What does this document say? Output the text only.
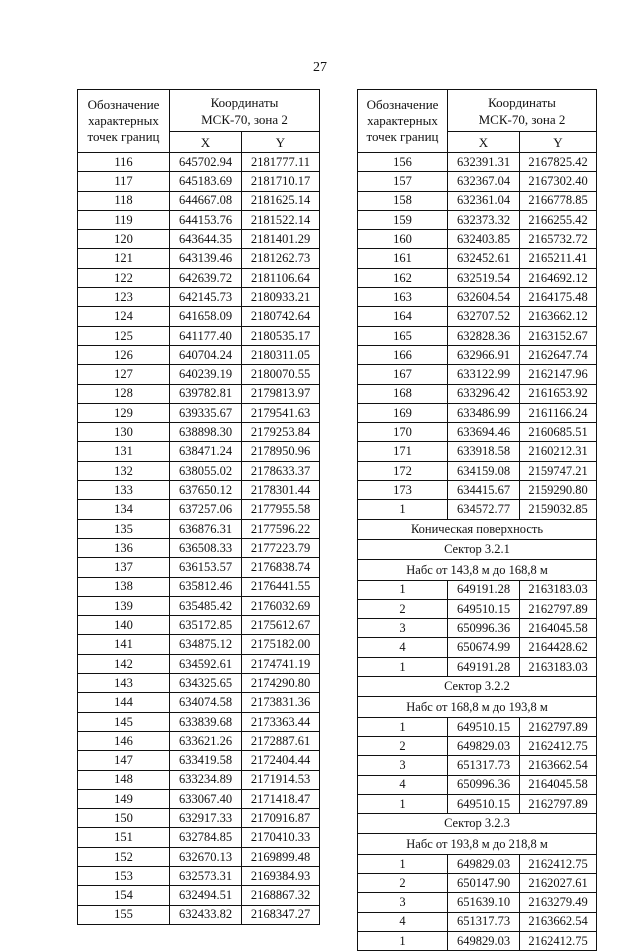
27
Обозначение
характерных
точек границ	Координаты
МСК-70, зона 2	
	X	Y
116	645702.94	2181777.11
117	645183.69	2181710.17
118	644667.08	2181625.14
119	644153.76	2181522.14
120	643644.35	2181401.29
121	643139.46	2181262.73
122	642639.72	2181106.64
123	642145.73	2180933.21
124	641658.09	2180742.64
125	641177.40	2180535.17
126	640704.24	2180311.05
127	640239.19	2180070.55
128	639782.81	2179813.97
129	639335.67	2179541.63
130	638898.30	2179253.84
131	638471.24	2178950.96
132	638055.02	2178633.37
133	637650.12	2178301.44
134	637257.06	2177955.58
135	636876.31	2177596.22
136	636508.33	2177223.79
137	636153.57	2176838.74
138	635812.46	2176441.55
139	635485.42	2176032.69
140	635172.85	2175612.67
141	634875.12	2175182.00
142	634592.61	2174741.19
143	634325.65	2174290.80
144	634074.58	2173831.36
145	633839.68	2173363.44
146	633621.26	2172887.61
147	633419.58	2172404.44
148	633234.89	2171914.53
149	633067.40	2171418.47
150	632917.33	2170916.87
151	632784.85	2170410.33
152	632670.13	2169899.48
153	632573.31	2169384.93
154	632494.51	2168867.32
155	632433.82	2168347.27
Обозначение
характерных
точек границ	Координаты
МСК-70, зона 2	
	X	Y
156	632391.31	2167825.42
157	632367.04	2167302.40
158	632361.04	2166778.85
159	632373.32	2166255.42
160	632403.85	2165732.72
161	632452.61	2165211.41
162	632519.54	2164692.12
163	632604.54	2164175.48
164	632707.52	2163662.12
165	632828.36	2163152.67
166	632966.91	2162647.74
167	633122.99	2162147.96
168	633296.42	2161653.92
169	633486.99	2161166.24
170	633694.46	2160685.51
171	633918.58	2160212.31
172	634159.08	2159747.21
173	634415.67	2159290.80
1	634572.77	2159032.85
Коническая поверхность		
Сектор 3.2.1		
Набс от 143,8 м до 168,8 м		
1	649191.28	2163183.03
2	649510.15	2162797.89
3	650996.36	2164045.58
4	650674.99	2164428.62
1	649191.28	2163183.03
Сектор 3.2.2		
Набс от 168,8 м до 193,8 м		
1	649510.15	2162797.89
2	649829.03	2162412.75
3	651317.73	2163662.54
4	650996.36	2164045.58
1	649510.15	2162797.89
Сектор 3.2.3		
Набс от 193,8 м до 218,8 м		
1	649829.03	2162412.75
2	650147.90	2162027.61
3	651639.10	2163279.49
4	651317.73	2163662.54
1	649829.03	2162412.75
